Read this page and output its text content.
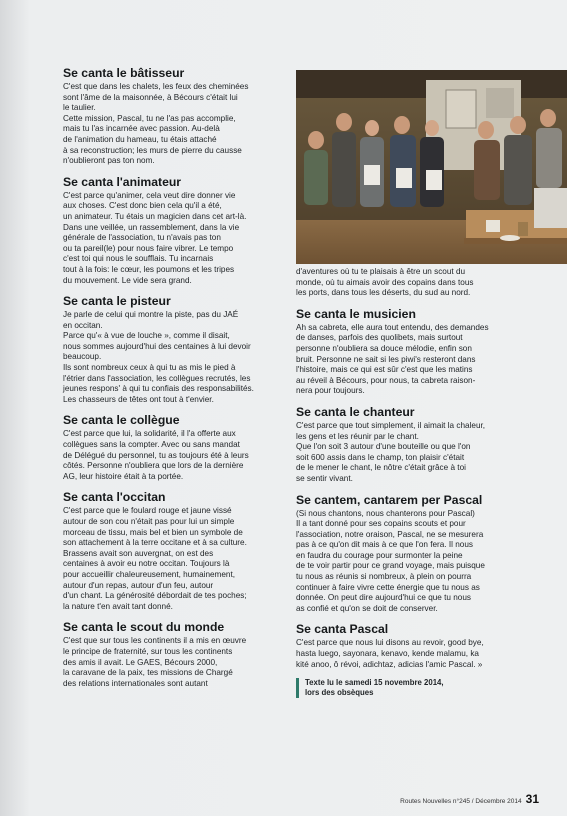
Se canta le bâtisseur

C'est que dans les chalets, les feux des cheminées
sont l'âme de la maisonnée, à Bécours c'était lui
le taulier.
Cette mission, Pascal, tu ne l'as pas accomplie,
mais tu l'as incarnée avec passion. Au-delà
de l'animation du hameau, tu étais attaché
à sa reconstruction; les murs de pierre du causse
n'oublieront pas ton nom.

Se canta l'animateur

C'est parce qu'animer, cela veut dire donner vie
aux choses. C'est donc bien cela qu'il a été,
un animateur. Tu étais un magicien dans cet art-là.
Dans une veillée, un rassemblement, dans la vie
générale de l'association, tu n'avais pas ton
ou ta pareil(le) pour nous faire vibrer. Le tempo
c'est toi qui nous le soufflais. Tu incarnais
tout à la fois: le cœur, les poumons et les tripes
du mouvement. Le vide sera grand.

Se canta le pisteur

Je parle de celui qui montre la piste, pas du JAÉ
en occitan.
Parce qu'« à vue de louche », comme il disait,
nous sommes aujourd'hui des centaines à lui devoir
beaucoup.
Ils sont nombreux ceux à qui tu as mis le pied à
l'étrier dans l'association, les collègues recrutés, les
jeunes respons' à qui tu confiais des responsabilités.
Les chasseurs de têtes ont tout à t'envier.

Se canta le collègue

C'est parce que lui, la solidarité, il l'a offerte aux
collègues sans la compter. Avec ou sans mandat
de Délégué du personnel, tu as toujours été à leurs
côtés. Personne n'oubliera que lors de la dernière
AG, leur histoire était à ta portée.

Se canta l'occitan

C'est parce que le foulard rouge et jaune vissé
autour de son cou n'était pas pour lui un simple
morceau de tissu, mais bel et bien un symbole de
son attachement à la terre occitane et à sa culture.
Brassens avait son auvergnat, on est des
centaines à avoir eu notre occitan. Toujours là
pour accueillir chaleureusement, humainement,
autour d'un repas, autour d'un feu, autour
d'un chant. La générosité débordait de tes poches;
la nature t'en avait tant donné.

Se canta le scout du monde

C'est que sur tous les continents il a mis en œuvre
le principe de fraternité, sur tous les continents
des amis il avait. Le GAES, Bécours 2000,
la caravane de la paix, tes missions de Chargé
des relations internationales sont autant

d'aventures où tu te plaisais à être un scout du
monde, où tu aimais avoir des copains dans tous
les ports, dans tous les déserts, du sud au nord.

Se canta le musicien

Ah sa cabreta, elle aura tout entendu, des demandes
de danses, parfois des quolibets, mais surtout
personne n'oubliera sa douce mélodie, enfin son
bruit. Personne ne sait si les piwi's resteront dans
l'histoire, mais ce qui est sûr c'est que les matins
au réveil à Bécours, pour nous, ta cabreta raison-
nera pour toujours.

Se canta le chanteur

C'est parce que tout simplement, il aimait la chaleur,
les gens et les réunir par le chant.
Que l'on soit 3 autour d'une bouteille ou que l'on
soit 600 assis dans le champ, ton plaisir c'était
de le mener le chant, le nôtre c'était grâce à toi
se sentir vivant.

Se cantem, cantarem per Pascal

(Si nous chantons, nous chanterons pour Pascal)
Il a tant donné pour ses copains scouts et pour
l'association, notre oraison, Pascal, ne se mesurera
pas à ce qu'on dit mais à ce que l'on fera. Il nous
en faudra du courage pour surmonter la peine
de te voir partir pour ce grand voyage, mais puisque
tu nous as réunis si nombreux, à plein on pourra
continuer à faire vivre cette énergie que tu nous as
donnée. On peut dire aujourd'hui ce que tu nous
as confié et qu'on se doit de conserver.

Se canta Pascal

C'est parce que nous lui disons au revoir, good bye,
hasta luego, sayonara, kenavo, kende malamu, ka
kité anoo, ô révoi, adichtaz, adicias l'amic Pascal. »

Texte lu le samedi 15 novembre 2014,
lors des obsèques
Routes Nouvelles n°245 / Décembre 2014 31
